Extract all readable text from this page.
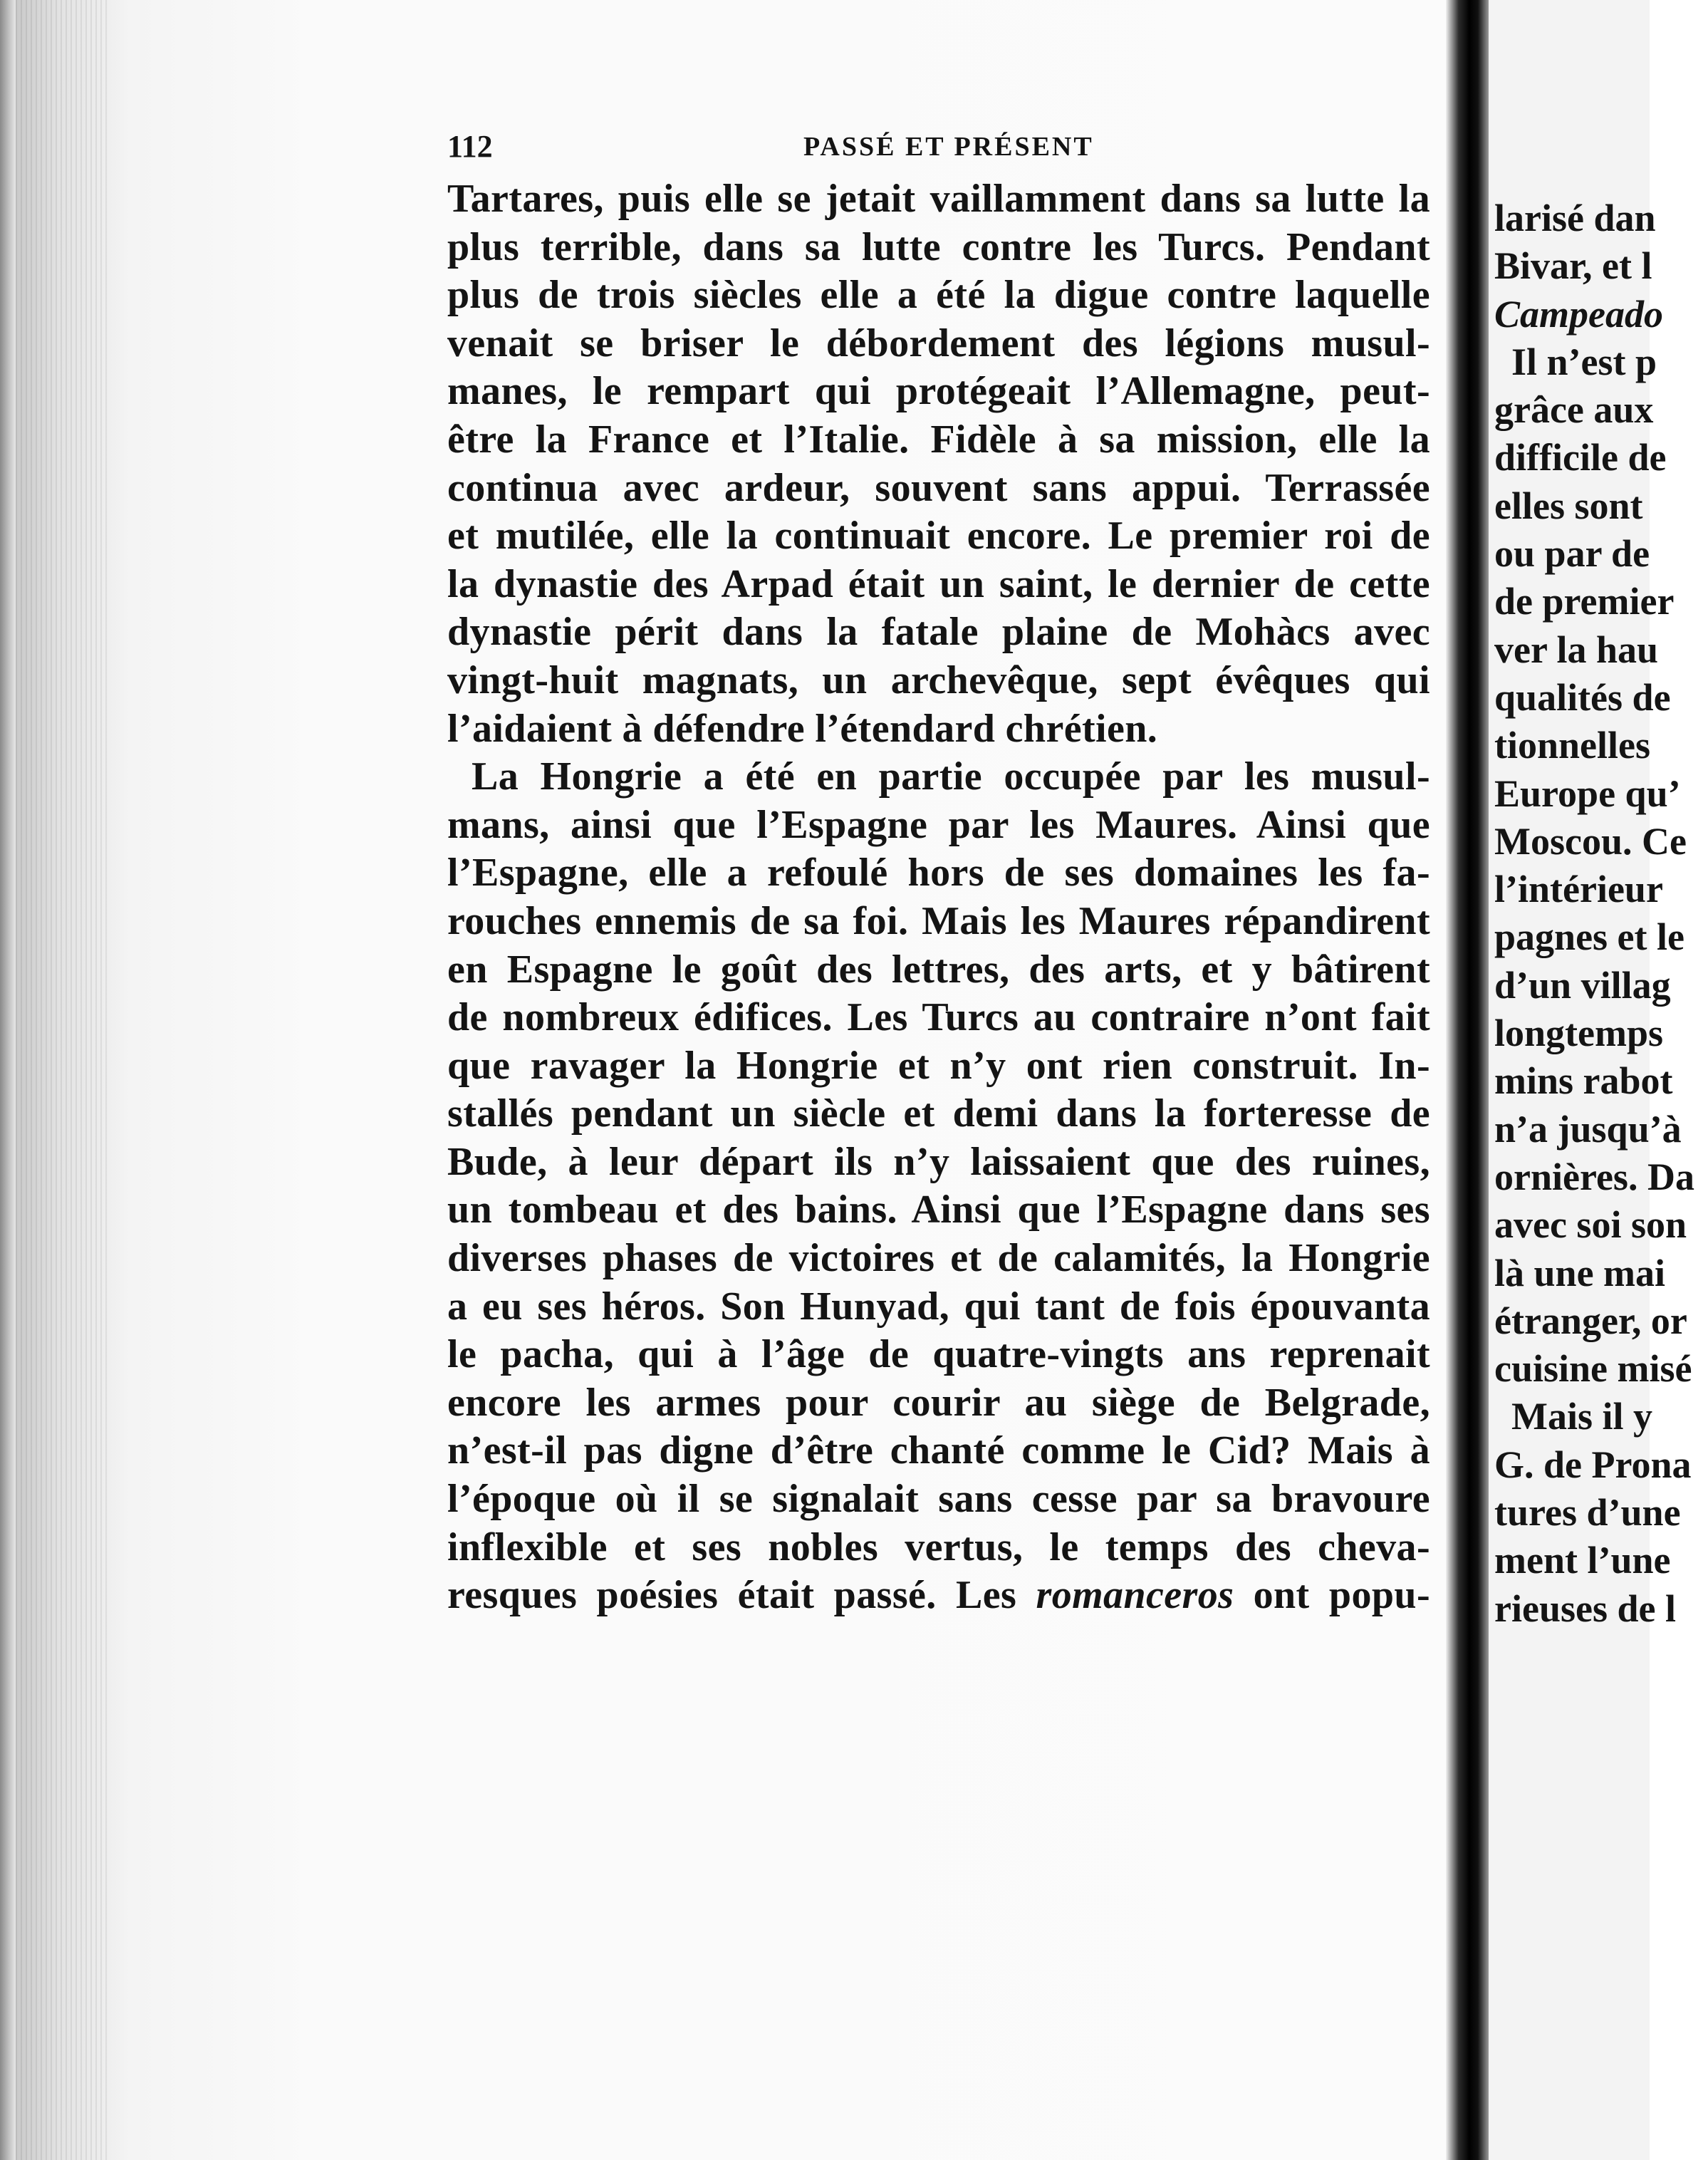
112	PASSÉ ET PRÉSENT
Tartares, puis elle se jetait vaillamment dans sa lutte la
plus terrible, dans sa lutte contre les Turcs. Pendant
plus de trois siècles elle a été la digue contre laquelle
venait se briser le débordement des légions musul-
manes, le rempart qui protégeait l’Allemagne, peut-
être la France et l’Italie. Fidèle à sa mission, elle la
continua avec ardeur, souvent sans appui. Terrassée
et mutilée, elle la continuait encore. Le premier roi de
la dynastie des Arpad était un saint, le dernier de cette
dynastie périt dans la fatale plaine de Mohàcs avec
vingt-huit magnats, un archevêque, sept évêques qui
l’aidaient à défendre l’étendard chrétien.
La Hongrie a été en partie occupée par les musul-
mans, ainsi que l’Espagne par les Maures. Ainsi que
l’Espagne, elle a refoulé hors de ses domaines les fa-
rouches ennemis de sa foi. Mais les Maures répandirent
en Espagne le goût des lettres, des arts, et y bâtirent
de nombreux édifices. Les Turcs au contraire n’ont fait
que ravager la Hongrie et n’y ont rien construit. In-
stallés pendant un siècle et demi dans la forteresse de
Bude, à leur départ ils n’y laissaient que des ruines,
un tombeau et des bains. Ainsi que l’Espagne dans ses
diverses phases de victoires et de calamités, la Hongrie
a eu ses héros. Son Hunyad, qui tant de fois épouvanta
le pacha, qui à l’âge de quatre-vingts ans reprenait
encore les armes pour courir au siège de Belgrade,
n’est-il pas digne d’être chanté comme le Cid? Mais à
l’époque où il se signalait sans cesse par sa bravoure
inflexible et ses nobles vertus, le temps des cheva-
resques poésies était passé. Les romanceros ont popu-
larisé dan
Bivar, et l
Campeado
Il n’est p
grâce aux
difficile de
elles sont
ou par de
de premier
ver la hau
qualités de
tionnelles
Europe qu’
Moscou. Ce
l’intérieur
pagnes et le
d’un villag
longtemps
mins rabot
n’a jusqu’à
ornières. Da
avec soi son
là une mai
étranger, or
cuisine misé
Mais il y
G. de Prona
tures d’une
ment l’une
rieuses de l
